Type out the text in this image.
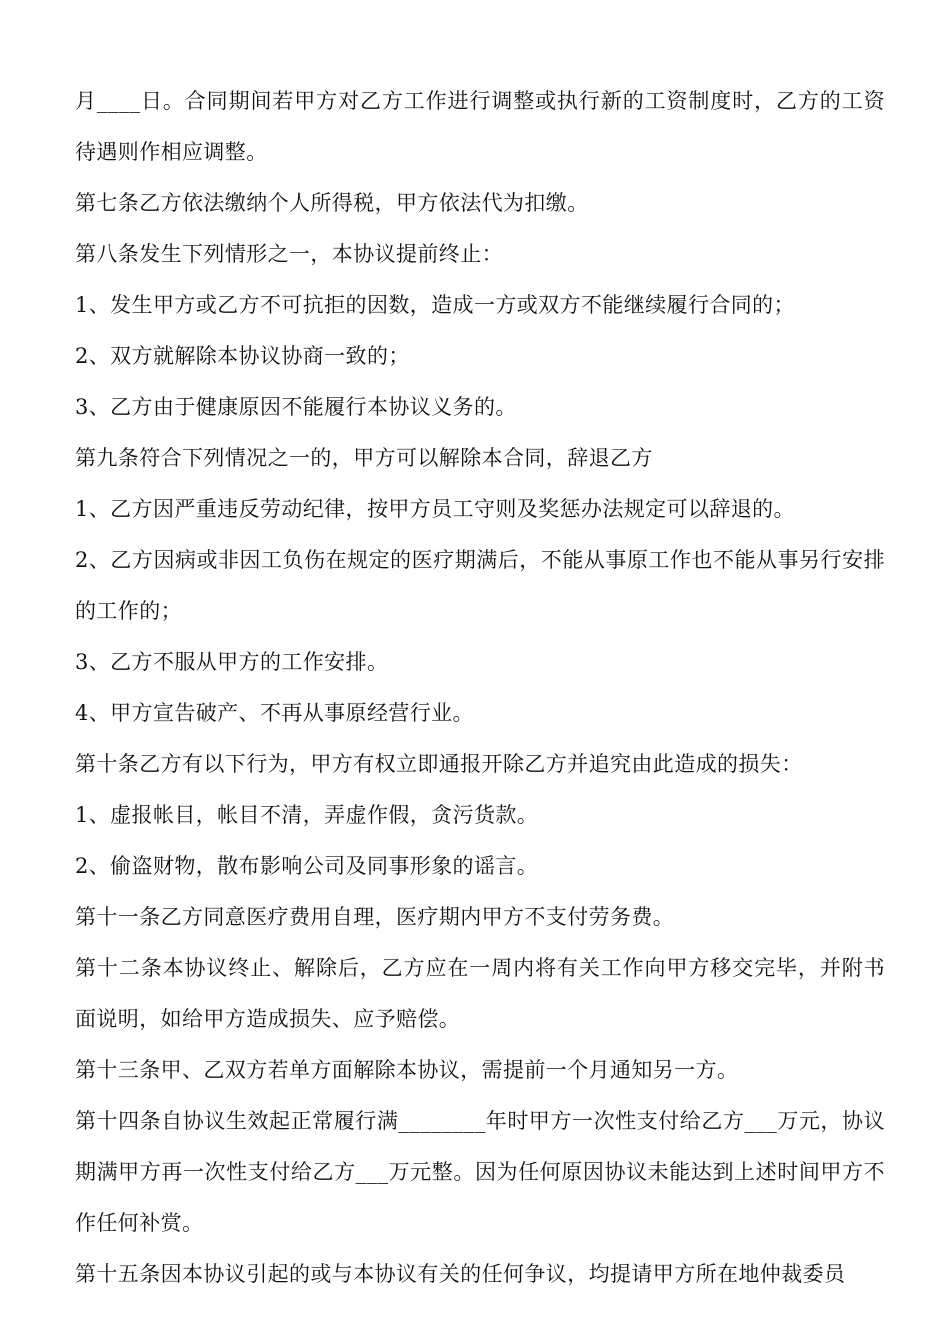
月____日。合同期间若甲方对乙方工作进行调整或执行新的工资制度时，乙方的工资待遇则作相应调整。

第七条乙方依法缴纳个人所得税，甲方依法代为扣缴。

第八条发生下列情形之一，本协议提前终止：

1、发生甲方或乙方不可抗拒的因数，造成一方或双方不能继续履行合同的；

2、双方就解除本协议协商一致的；

3、乙方由于健康原因不能履行本协议义务的。

第九条符合下列情况之一的，甲方可以解除本合同，辞退乙方

1、乙方因严重违反劳动纪律，按甲方员工守则及奖惩办法规定可以辞退的。

2、乙方因病或非因工负伤在规定的医疗期满后，不能从事原工作也不能从事另行安排的工作的；

3、乙方不服从甲方的工作安排。

4、甲方宣告破产、不再从事原经营行业。

第十条乙方有以下行为，甲方有权立即通报开除乙方并追究由此造成的损失：

1、虚报帐目，帐目不清，弄虚作假，贪污货款。

2、偷盗财物，散布影响公司及同事形象的谣言。

第十一条乙方同意医疗费用自理，医疗期内甲方不支付劳务费。

第十二条本协议终止、解除后，乙方应在一周内将有关工作向甲方移交完毕，并附书面说明，如给甲方造成损失、应予赔偿。

第十三条甲、乙双方若单方面解除本协议，需提前一个月通知另一方。

第十四条自协议生效起正常履行满________年时甲方一次性支付给乙方___万元，协议期满甲方再一次性支付给乙方___万元整。因为任何原因协议未能达到上述时间甲方不作任何补赏。

第十五条因本协议引起的或与本协议有关的任何争议，均提请甲方所在地仲裁委员
